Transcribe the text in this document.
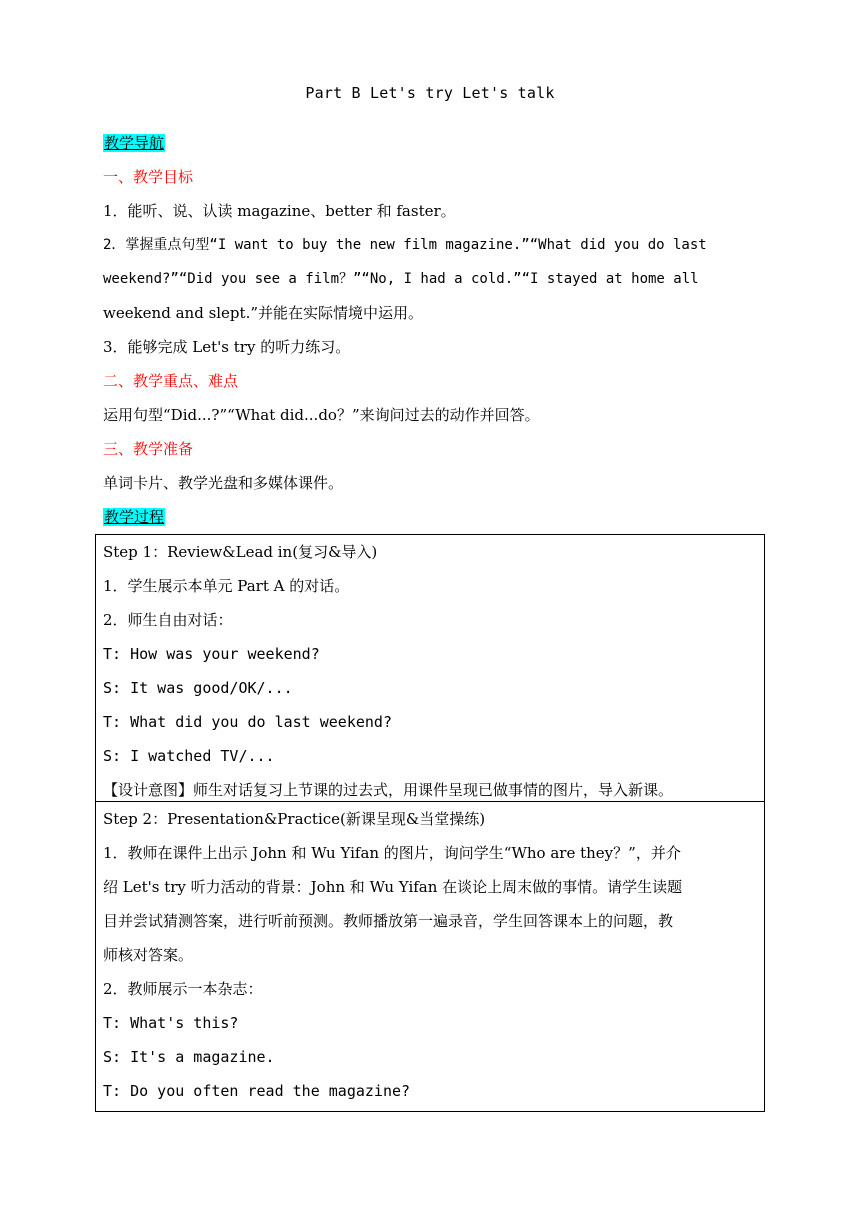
Part B Let's try Let's talk
教学导航
一、教学目标
1．能听、说、认读 magazine、better 和 faster。
2．掌握重点句型“I want to buy the new film magazine.”“What did you do last
weekend?”“Did you see a film？”“No, I had a cold.”“I stayed at home all
weekend and slept.”并能在实际情境中运用。
3．能够完成 Let's try 的听力练习。
二、教学重点、难点
运用句型“Did...?”“What did...do？”来询问过去的动作并回答。
三、教学准备
单词卡片、教学光盘和多媒体课件。
教学过程
Step 1：Review&Lead in(复习&导入)
1．学生展示本单元 Part A 的对话。
2．师生自由对话：
T: How was your weekend?
S: It was good/OK/...
T: What did you do last weekend?
S: I watched TV/...
【设计意图】师生对话复习上节课的过去式，用课件呈现已做事情的图片，导入新课。
Step 2：Presentation&Practice(新课呈现&当堂操练)
1．教师在课件上出示 John 和 Wu Yifan 的图片，询问学生“Who are they？”，并介
绍 Let's try 听力活动的背景：John 和 Wu Yifan 在谈论上周末做的事情。请学生读题
目并尝试猜测答案，进行听前预测。教师播放第一遍录音，学生回答课本上的问题，教
师核对答案。
2．教师展示一本杂志：
T: What's this?
S: It's a magazine.
T: Do you often read the magazine?
